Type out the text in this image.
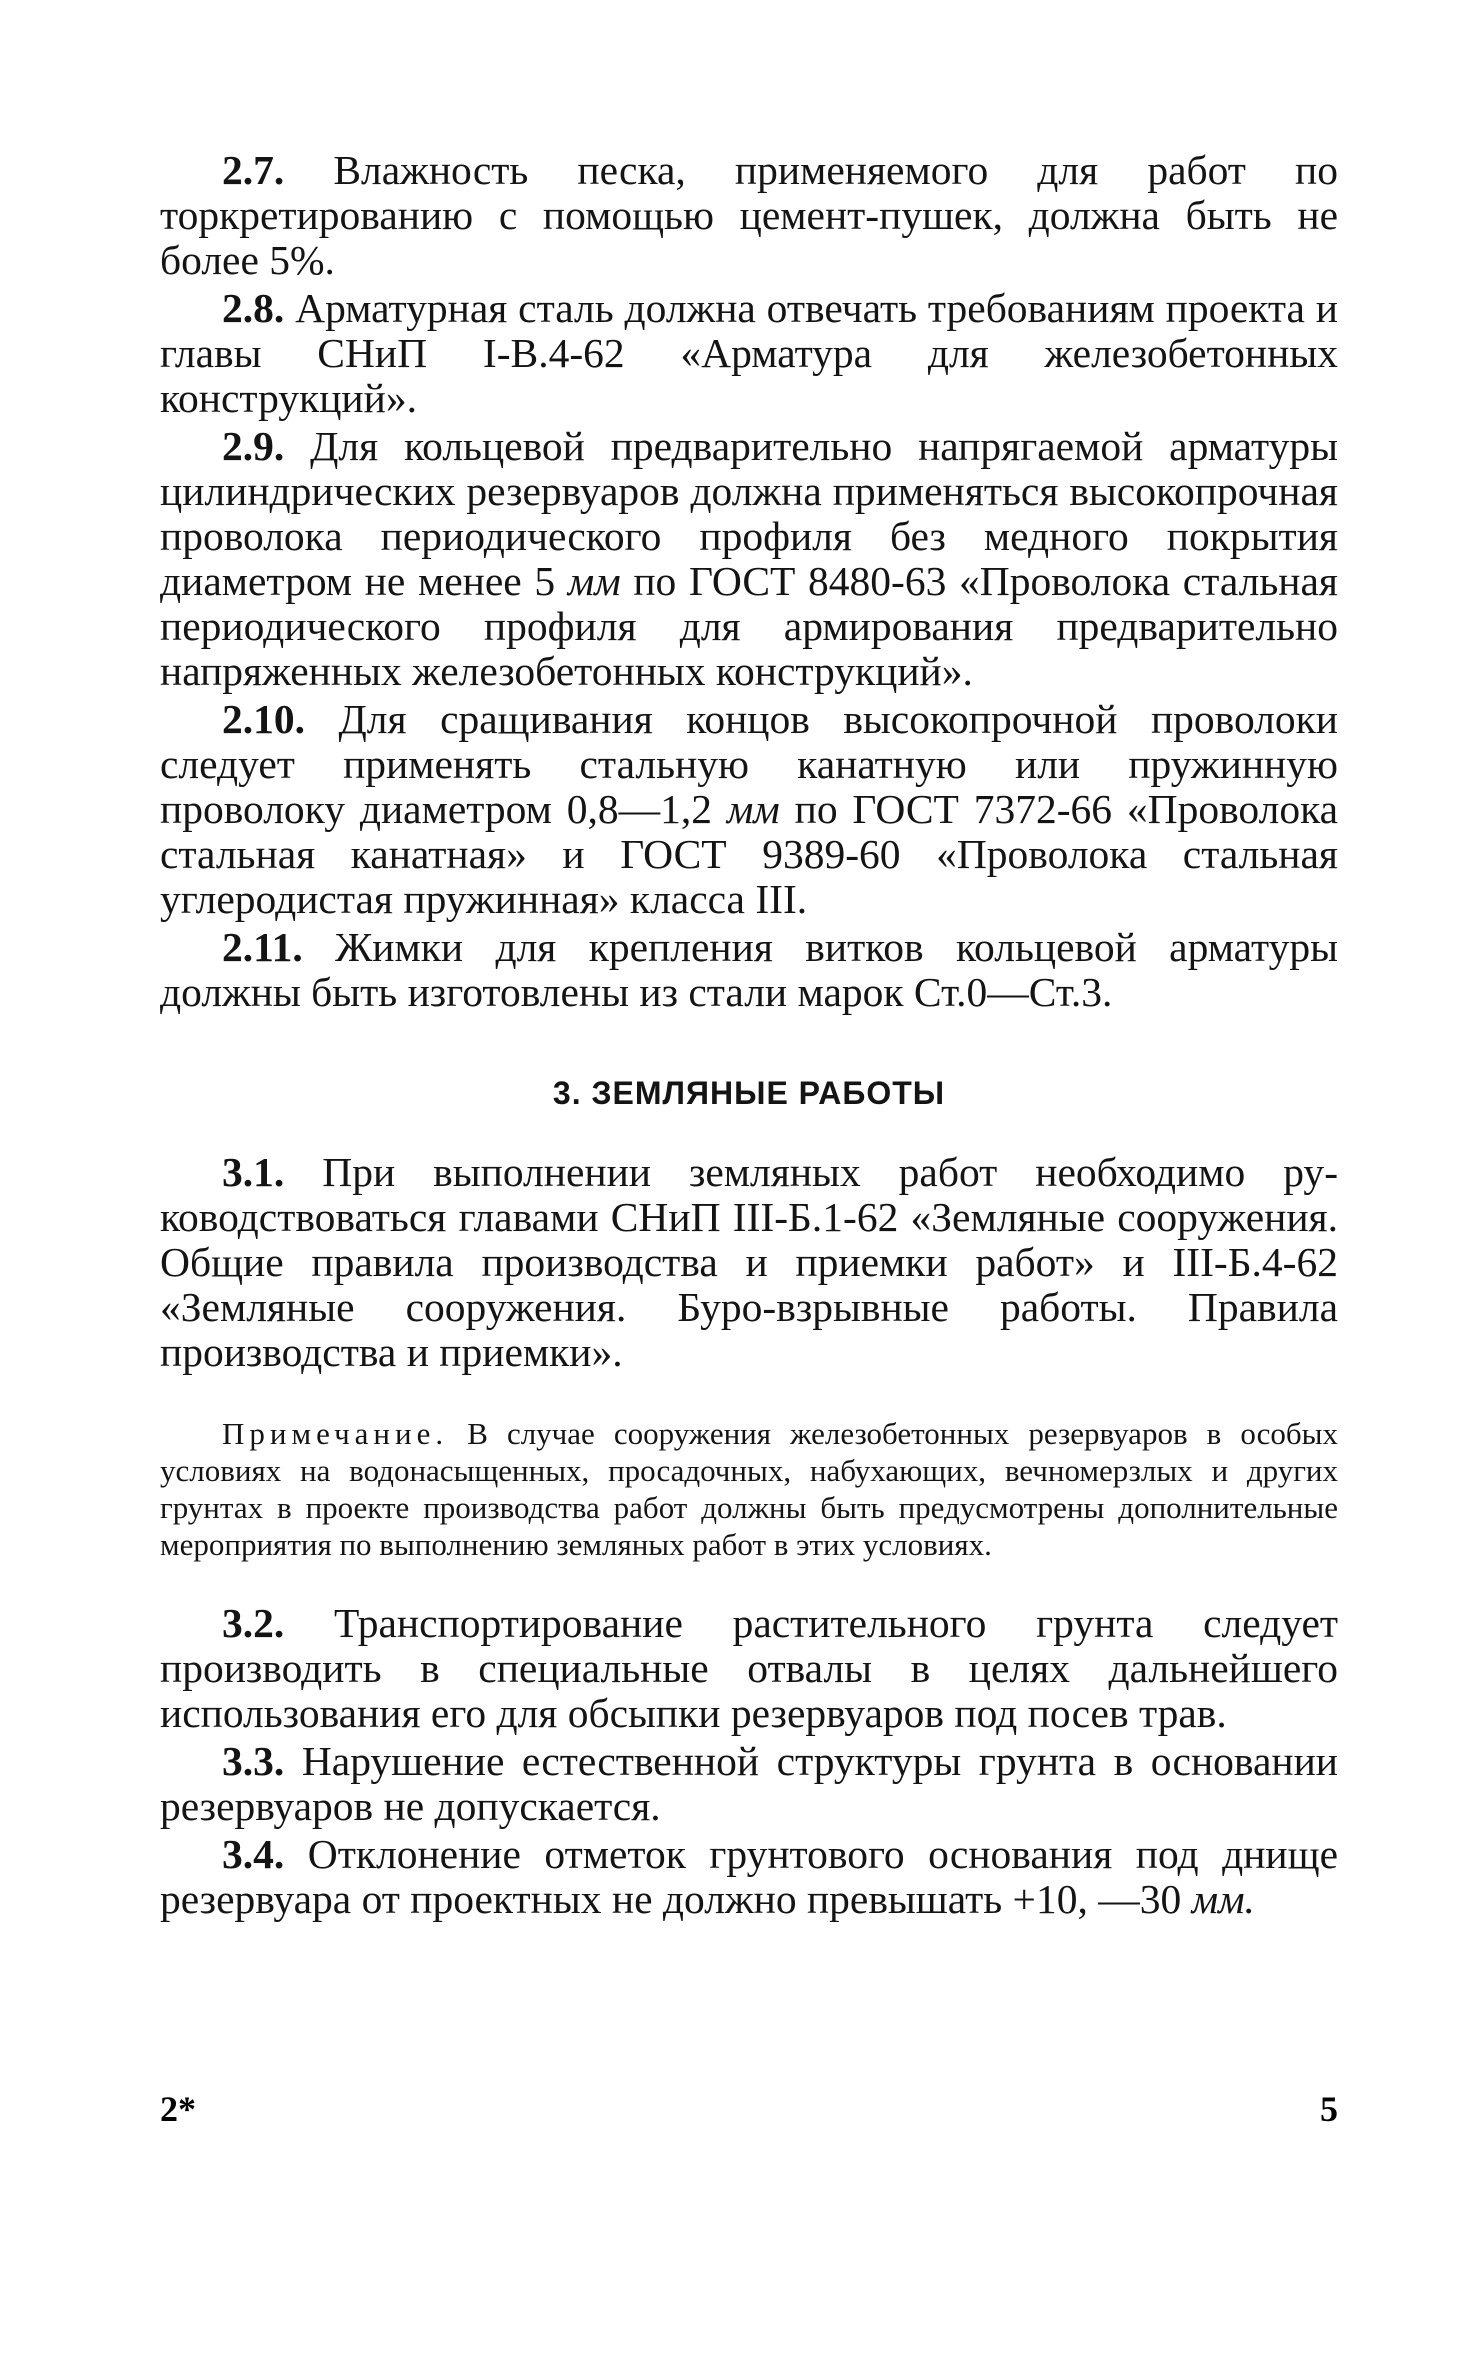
2.7. Влажность песка, применяемого для работ по торкретированию с помощью цемент-пушек, должна быть не более 5%.

2.8. Арматурная сталь должна отвечать требованиям проекта и главы СНиП I-В.4-62 «Арматура для железобетонных конструкций».

2.9. Для кольцевой предварительно напрягаемой арматуры цилиндрических резервуаров должна применяться высокопрочная проволока периодического профиля без медного покрытия диаметром не менее 5 мм по ГОСТ 8480-63 «Проволока стальная периодического профиля для армирования предварительно напряженных железобетонных конструкций».

2.10. Для сращивания концов высокопрочной проволоки следует применять стальную канатную или пружинную проволоку диаметром 0,8—1,2 мм по ГОСТ 7372-66 «Проволока стальная канатная» и ГОСТ 9389-60 «Проволока стальная углеродистая пружинная» класса III.

2.11. Жимки для крепления витков кольцевой арматуры должны быть изготовлены из стали марок Ст.0—Ст.3.

3. ЗЕМЛЯНЫЕ РАБОТЫ

3.1. При выполнении земляных работ необходимо руководствоваться главами СНиП III-Б.1-62 «Земляные сооружения. Общие правила производства и приемки работ» и III-Б.4-62 «Земляные сооружения. Буро-взрывные работы. Правила производства и приемки».

Примечание. В случае сооружения железобетонных резервуаров в особых условиях на водонасыщенных, просадочных, набухающих, вечномерзлых и других грунтах в проекте производства работ должны быть предусмотрены дополнительные мероприятия по выполнению земляных работ в этих условиях.

3.2. Транспортирование растительного грунта следует производить в специальные отвалы в целях дальнейшего использования его для обсыпки резервуаров под посев трав.

3.3. Нарушение естественной структуры грунта в основании резервуаров не допускается.

3.4. Отклонение отметок грунтового основания под днище резервуара от проектных не должно превышать +10, —30 мм.

2*	5
